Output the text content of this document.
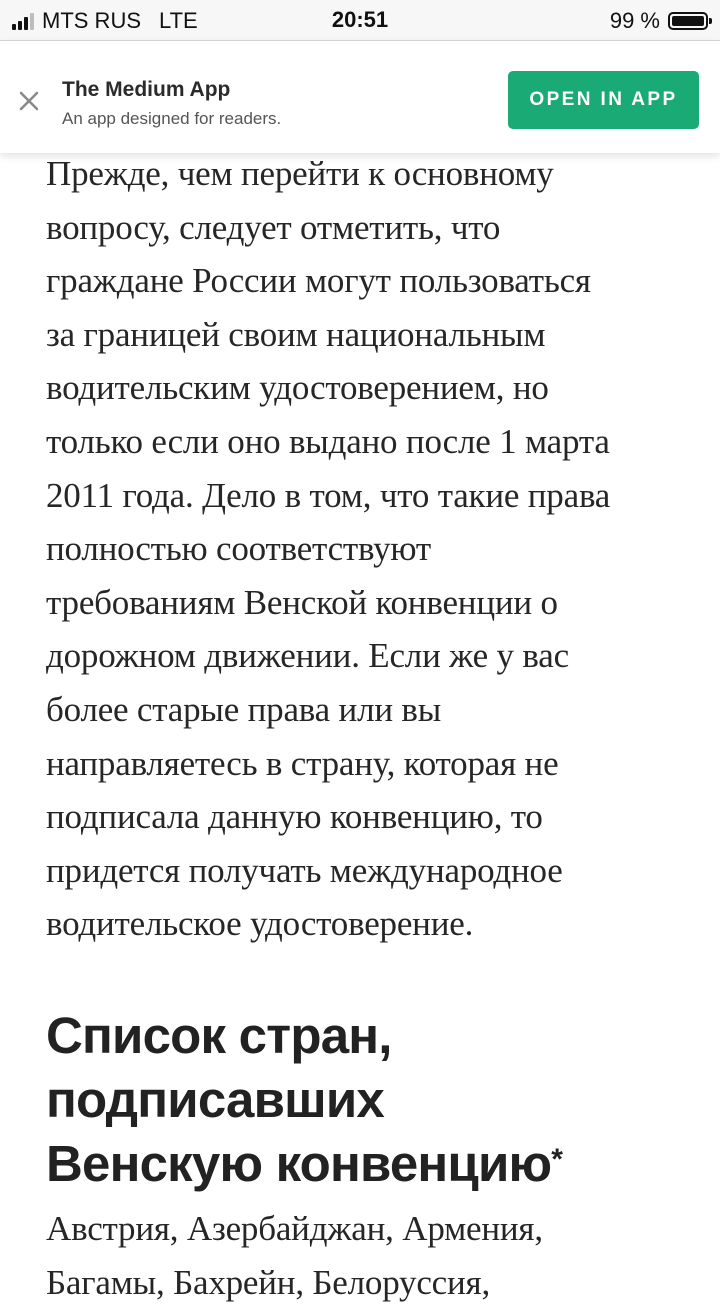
MTS RUS LTE	20:51	99 %
The Medium App
An app designed for readers.
OPEN IN APP

Прежде, чем перейти к основному
вопросу, следует отметить, что
граждане России могут пользоваться
за границей своим национальным
водительским удостоверением, но
только если оно выдано после 1 марта
2011 года. Дело в том, что такие права
полностью соответствуют
требованиям Венской конвенции о
дорожном движении. Если же у вас
более старые права или вы
направляетесь в страну, которая не
подписала данную конвенцию, то
придется получать международное
водительское удостоверение.

Список стран,
подписавших
Венскую конвенцию*

Австрия, Азербайджан, Армения,
Багамы, Бахрейн, Белоруссия,
